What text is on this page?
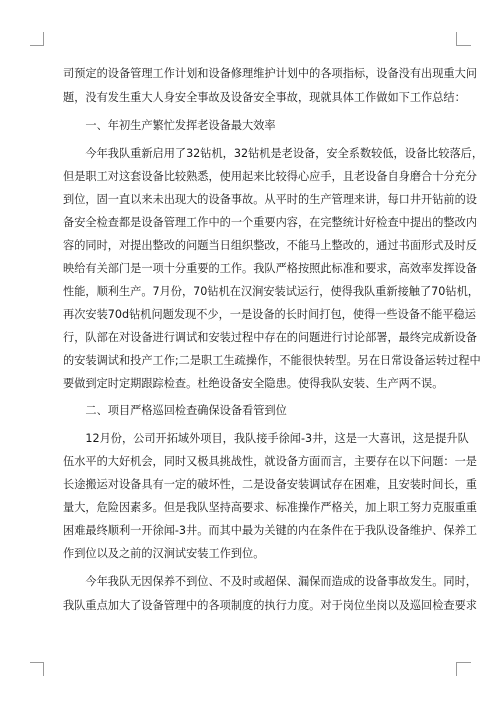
司预定的设备管理工作计划和设备修理维护计划中的各项指标，设备没有出现重大问
题，没有发生重大人身安全事故及设备安全事故，现就具体工作做如下工作总结：
　　一、年初生产繁忙发挥老设备最大效率
　　今年我队重新启用了32钻机，32钻机是老设备，安全系数较低，设备比较落后，
但是职工对这套设备比较熟悉，使用起来比较得心应手，且老设备自身磨合十分充分
到位，固一直以来未出现大的设备事故。从平时的生产管理来讲，每口井开钻前的设
备安全检查都是设备管理工作中的一个重要内容，在完整统计好检查中提出的整改内
容的同时，对提出整改的问题当日组织整改，不能马上整改的，通过书面形式及时反
映给有关部门是一项十分重要的工作。我队严格按照此标准和要求，高效率发挥设备
性能，顺利生产。7月份，70钻机在汉涧安装试运行，使得我队重新接触了70钻机，
再次安装70d钻机问题发现不少，一是设备的长时间打包，使得一些设备不能平稳运
行，队部在对设备进行调试和安装过程中存在的问题进行讨论部署，最终完成新设备
的安装调试和投产工作;二是职工生疏操作，不能很快转型。另在日常设备运转过程中
要做到定时定期跟踪检查。杜绝设备安全隐患。使得我队安装、生产两不误。
　　二、项目严格巡回检查确保设备看管到位
　　12月份，公司开拓域外项目，我队接手徐闻-3井，这是一大喜讯，这是提升队
伍水平的大好机会，同时又极具挑战性，就设备方面而言，主要存在以下问题：一是
长途搬运对设备具有一定的破坏性，二是设备安装调试存在困难，且安装时间长，重
量大，危险因素多。但是我队坚持高要求、标准操作严格关，加上职工努力克服重重
困难最终顺利一开徐闻-3井。而其中最为关键的内在条件在于我队设备维护、保养工
作到位以及之前的汉涧试安装工作到位。
　　今年我队无因保养不到位、不及时或超保、漏保而造成的设备事故发生。同时，
我队重点加大了设备管理中的各项制度的执行力度。对于岗位坐岗以及巡回检查要求
